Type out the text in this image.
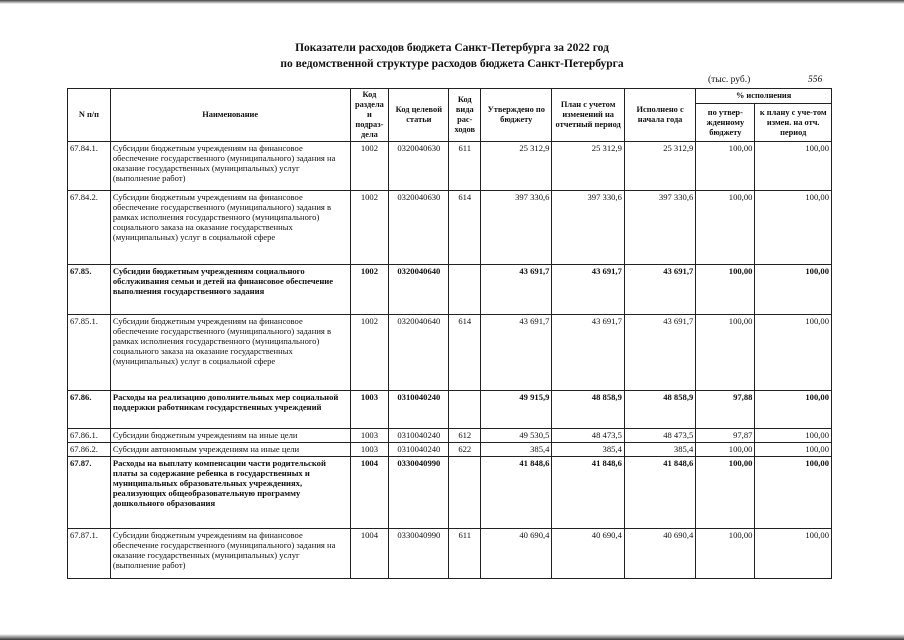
Показатели расходов бюджета Санкт-Петербурга за 2022 год
по ведомственной структуре расходов бюджета Санкт-Петербурга
(тыс. руб.)	556
N п/п	Наименование	Код раздела и подраз-дела	Код целевой статьи	Код вида рас-ходов	Утверждено по бюджету	План с учетом изменений на отчетный период	Исполнено с начала года	% исполнения	
								по утвер-жденному бюджету	к плану с уче-том измен. на отч. период
67.84.1.	Субсидии бюджетным учреждениям на финансовое обеспечение государственного (муниципального) задания на оказание государственных (муниципальных) услуг (выполнение работ)	1002	0320040630	611	25 312,9	25 312,9	25 312,9	100,00	100,00
67.84.2.	Субсидии бюджетным учреждениям на финансовое обеспечение государственного (муниципального) задания в рамках исполнения государственного (муниципального) социального заказа на оказание государственных (муниципальных) услуг в социальной сфере	1002	0320040630	614	397 330,6	397 330,6	397 330,6	100,00	100,00
67.85.	Субсидии бюджетным учреждениям социального обслуживания семьи и детей на финансовое обеспечение выполнения государственного задания	1002	0320040640		43 691,7	43 691,7	43 691,7	100,00	100,00
67.85.1.	Субсидии бюджетным учреждениям на финансовое обеспечение государственного (муниципального) задания в рамках исполнения государственного (муниципального) социального заказа на оказание государственных (муниципальных) услуг в социальной сфере	1002	0320040640	614	43 691,7	43 691,7	43 691,7	100,00	100,00
67.86.	Расходы на реализацию дополнительных мер социальной поддержки работникам государственных учреждений	1003	0310040240		49 915,9	48 858,9	48 858,9	97,88	100,00
67.86.1.	Субсидии бюджетным учреждениям на иные цели	1003	0310040240	612	49 530,5	48 473,5	48 473,5	97,87	100,00
67.86.2.	Субсидии автономным учреждениям на иные цели	1003	0310040240	622	385,4	385,4	385,4	100,00	100,00
67.87.	Расходы на выплату компенсации части родительской платы за содержание ребенка в государственных и муниципальных образовательных учреждениях, реализующих общеобразовательную программу дошкольного образования	1004	0330040990		41 848,6	41 848,6	41 848,6	100,00	100,00
67.87.1.	Субсидии бюджетным учреждениям на финансовое обеспечение государственного (муниципального) задания на оказание государственных (муниципальных) услуг (выполнение работ)	1004	0330040990	611	40 690,4	40 690,4	40 690,4	100,00	100,00
